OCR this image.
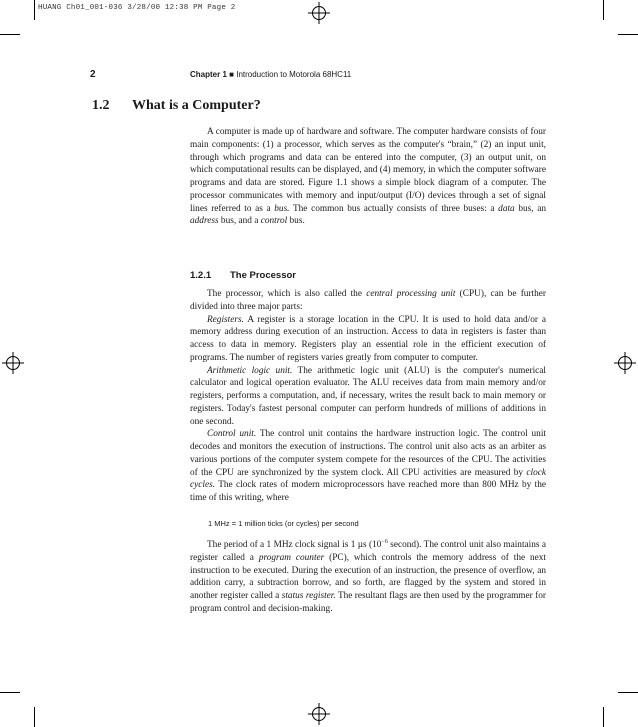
HUANG Ch01_001-036 3/28/00 12:38 PM Page 2
2	Chapter 1 ■ Introduction to Motorola 68HC11
1.2 What is a Computer?

A computer is made up of hardware and software. The computer hardware consists of four main components: (1) a processor, which serves as the computer's “brain,” (2) an input unit, through which programs and data can be entered into the computer, (3) an output unit, on which computational results can be displayed, and (4) memory, in which the computer software programs and data are stored. Figure 1.1 shows a simple block diagram of a computer. The processor communicates with memory and input/output (I/O) devices through a set of signal lines referred to as a bus. The common bus actually consists of three buses: a data bus, an address bus, and a control bus.

1.2.1 The Processor

The processor, which is also called the central processing unit (CPU), can be further divided into three major parts:

Registers. A register is a storage location in the CPU. It is used to hold data and/or a memory address during execution of an instruction. Access to data in registers is faster than access to data in memory. Registers play an essential role in the efficient execution of programs. The number of registers varies greatly from computer to computer.

Arithmetic logic unit. The arithmetic logic unit (ALU) is the computer's numerical calculator and logical operation evaluator. The ALU receives data from main memory and/or registers, performs a computation, and, if necessary, writes the result back to main memory or registers. Today's fastest personal computer can perform hundreds of millions of additions in one second.

Control unit. The control unit contains the hardware instruction logic. The control unit decodes and monitors the execution of instructions. The control unit also acts as an arbiter as various portions of the computer system compete for the resources of the CPU. The activities of the CPU are synchronized by the system clock. All CPU activities are measured by clock cycles. The clock rates of modern microprocessors have reached more than 800 MHz by the time of this writing, where

1 MHz = 1 million ticks (or cycles) per second

The period of a 1 MHz clock signal is 1 µs ($10^{-6}$ second). The control unit also maintains a register called a program counter (PC), which controls the memory address of the next instruction to be executed. During the execution of an instruction, the presence of overflow, an addition carry, a subtraction borrow, and so forth, are flagged by the system and stored in another register called a status register. The resultant flags are then used by the programmer for program control and decision-making.
